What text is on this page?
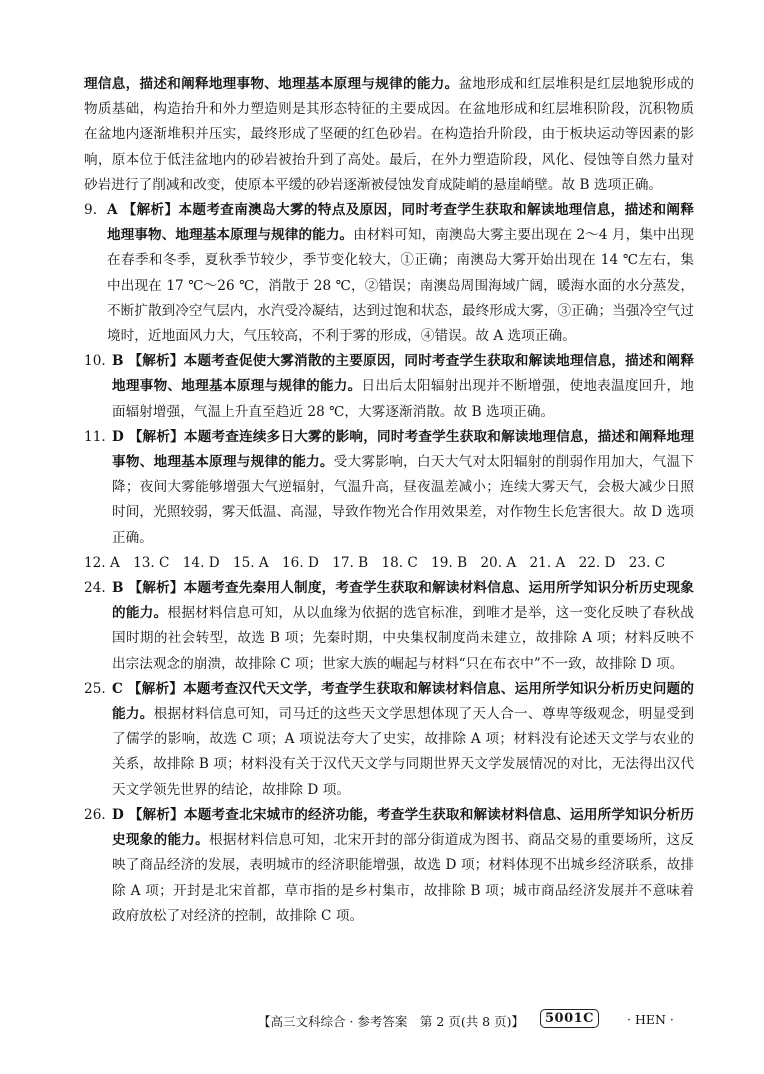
理信息，描述和阐释地理事物、地理基本原理与规律的能力。盆地形成和红层堆积是红层地貌形成的物质基础，构造抬升和外力塑造则是其形态特征的主要成因。在盆地形成和红层堆积阶段，沉积物质在盆地内逐渐堆积并压实，最终形成了坚硬的红色砂岩。在构造抬升阶段，由于板块运动等因素的影响，原本位于低洼盆地内的砂岩被抬升到了高处。最后，在外力塑造阶段，风化、侵蚀等自然力量对砂岩进行了削减和改变，使原本平缓的砂岩逐渐被侵蚀发育成陡峭的悬崖峭壁。故 B 选项正确。

9. A 【解析】本题考查南澳岛大雾的特点及原因，同时考查学生获取和解读地理信息，描述和阐释地理事物、地理基本原理与规律的能力。由材料可知，南澳岛大雾主要出现在 2～4 月，集中出现在春季和冬季，夏秋季节较少，季节变化较大，①正确；南澳岛大雾开始出现在 14 ℃左右，集中出现在 17 ℃～26 ℃，消散于 28 ℃，②错误；南澳岛周围海域广阔，暖海水面的水分蒸发，不断扩散到冷空气层内，水汽受冷凝结，达到过饱和状态，最终形成大雾，③正确；当强冷空气过境时，近地面风力大，气压较高，不利于雾的形成，④错误。故 A 选项正确。

10. B 【解析】本题考查促使大雾消散的主要原因，同时考查学生获取和解读地理信息，描述和阐释地理事物、地理基本原理与规律的能力。日出后太阳辐射出现并不断增强，使地表温度回升，地面辐射增强，气温上升直至趋近 28 ℃，大雾逐渐消散。故 B 选项正确。

11. D 【解析】本题考查连续多日大雾的影响，同时考查学生获取和解读地理信息，描述和阐释地理事物、地理基本原理与规律的能力。受大雾影响，白天大气对太阳辐射的削弱作用加大，气温下降；夜间大雾能够增强大气逆辐射，气温升高，昼夜温差减小；连续大雾天气，会极大减少日照时间，光照较弱，雾天低温、高湿，导致作物光合作用效果差，对作物生长危害很大。故 D 选项正确。

12. A 13. C 14. D 15. A 16. D 17. B 18. C 19. B 20. A 21. A 22. D 23. C

24. B 【解析】本题考查先秦用人制度，考查学生获取和解读材料信息、运用所学知识分析历史现象的能力。根据材料信息可知，从以血缘为依据的选官标准，到唯才是举，这一变化反映了春秋战国时期的社会转型，故选 B 项；先秦时期，中央集权制度尚未建立，故排除 A 项；材料反映不出宗法观念的崩溃，故排除 C 项；世家大族的崛起与材料“只在布衣中”不一致，故排除 D 项。

25. C 【解析】本题考查汉代天文学，考查学生获取和解读材料信息、运用所学知识分析历史问题的能力。根据材料信息可知，司马迁的这些天文学思想体现了天人合一、尊卑等级观念，明显受到了儒学的影响，故选 C 项；A 项说法夸大了史实，故排除 A 项；材料没有论述天文学与农业的关系，故排除 B 项；材料没有关于汉代天文学与同期世界天文学发展情况的对比，无法得出汉代天文学领先世界的结论，故排除 D 项。

26. D 【解析】本题考查北宋城市的经济功能，考查学生获取和解读材料信息、运用所学知识分析历史现象的能力。根据材料信息可知，北宋开封的部分街道成为图书、商品交易的重要场所，这反映了商品经济的发展，表明城市的经济职能增强，故选 D 项；材料体现不出城乡经济联系，故排除 A 项；开封是北宋首都，草市指的是乡村集市，故排除 B 项；城市商品经济发展并不意味着政府放松了对经济的控制，故排除 C 项。

【高三文科综合 · 参考答案　第 2 页(共 8 页)】	5001C	· HEN ·
